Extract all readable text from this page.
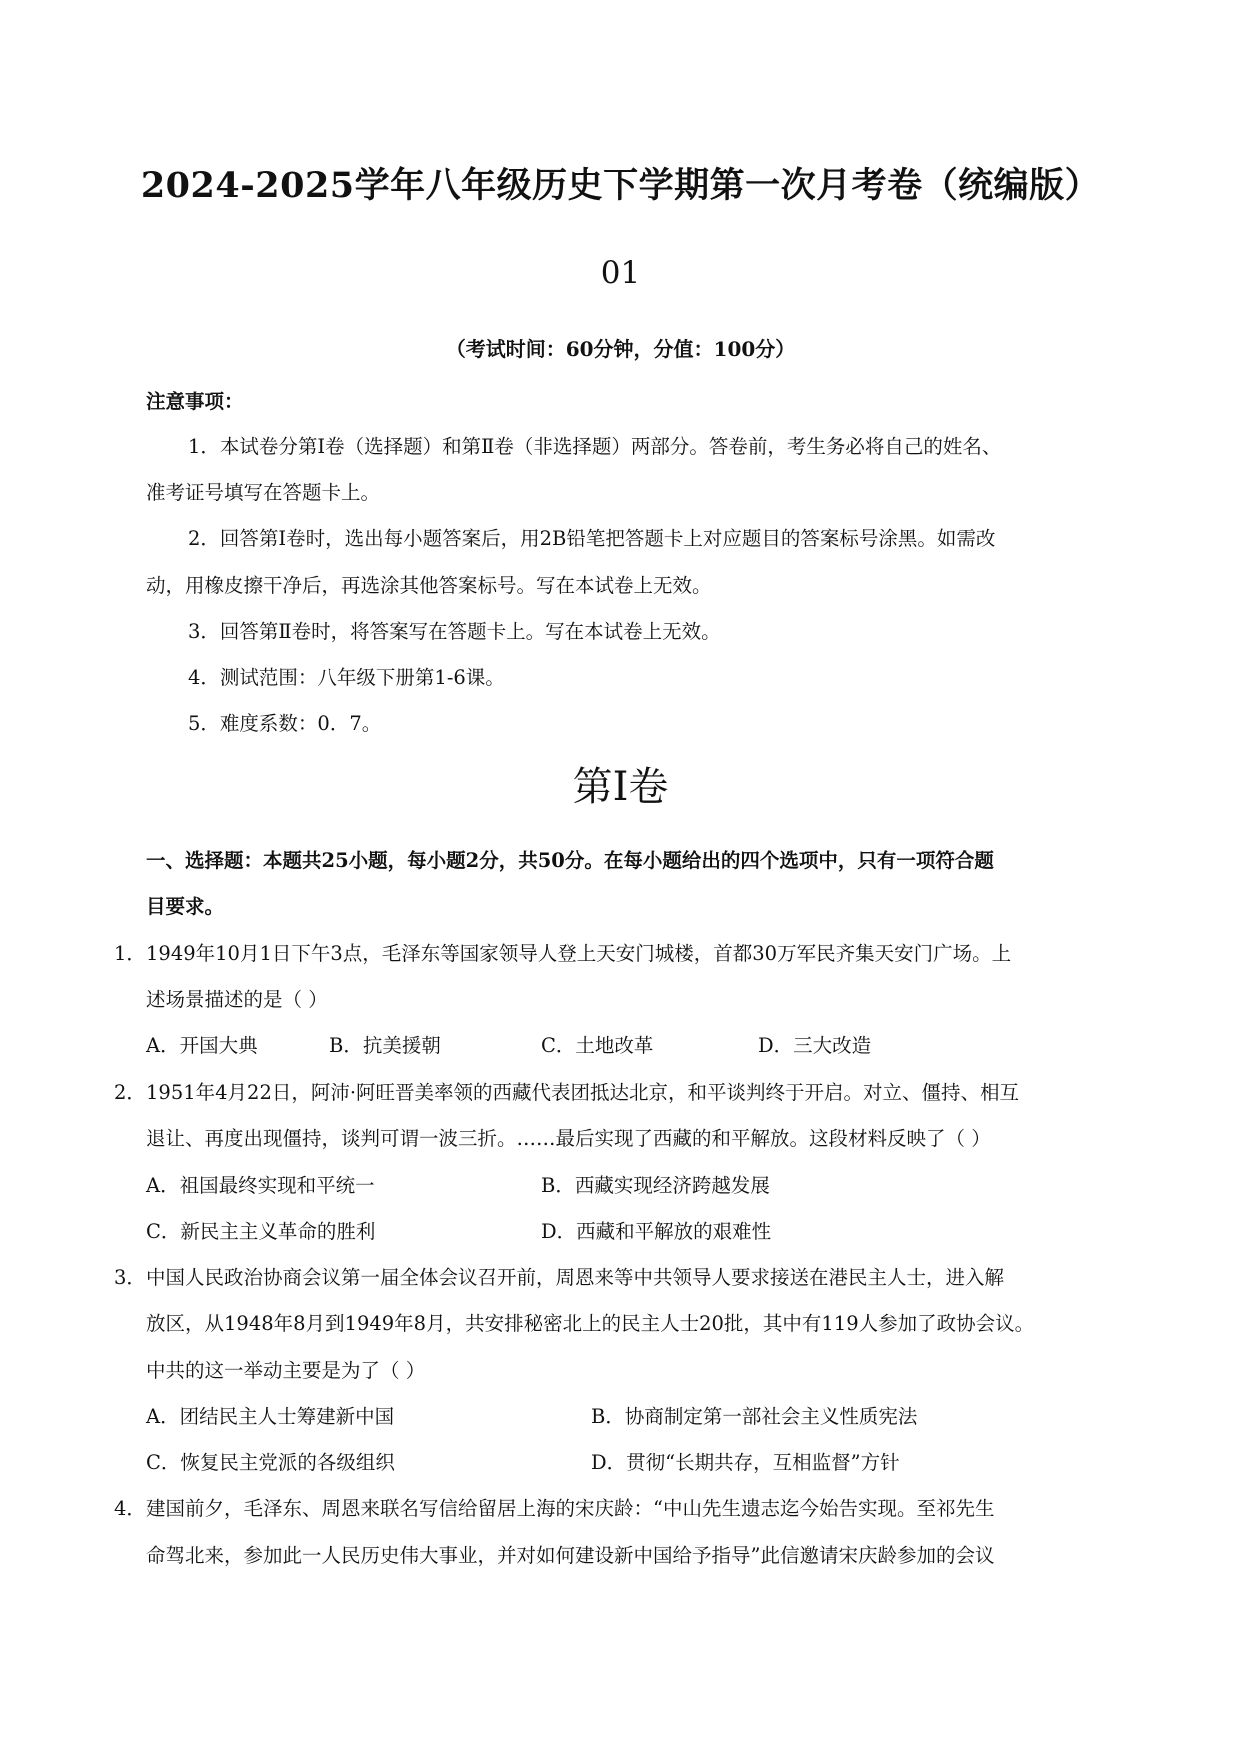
2024-2025学年八年级历史下学期第一次月考卷（统编版）
01
（考试时间：60分钟，分值：100分）
注意事项：
1．本试卷分第Ⅰ卷（选择题）和第Ⅱ卷（非选择题）两部分。答卷前，考生务必将自己的姓名、
准考证号填写在答题卡上。
2．回答第Ⅰ卷时，选出每小题答案后，用2B铅笔把答题卡上对应题目的答案标号涂黑。如需改
动，用橡皮擦干净后，再选涂其他答案标号。写在本试卷上无效。
3．回答第Ⅱ卷时，将答案写在答题卡上。写在本试卷上无效。
4．测试范围：八年级下册第1-6课。
5．难度系数：0．7。
第Ⅰ卷
一、选择题：本题共25小题，每小题2分，共50分。在每小题给出的四个选项中，只有一项符合题
目要求。
1． 1949年10月1日下午3点，毛泽东等国家领导人登上天安门城楼，首都30万军民齐集天安门广场。上
述场景描述的是（ ）
A．开国大典	B．抗美援朝	C．土地改革	D．三大改造
2． 1951年4月22日，阿沛·阿旺晋美率领的西藏代表团抵达北京，和平谈判终于开启。对立、僵持、相互
退让、再度出现僵持，谈判可谓一波三折。……最后实现了西藏的和平解放。这段材料反映了（ ）
A．祖国最终实现和平统一	B．西藏实现经济跨越发展
C．新民主主义革命的胜利	D．西藏和平解放的艰难性
3． 中国人民政治协商会议第一届全体会议召开前，周恩来等中共领导人要求接送在港民主人士，进入解
放区，从1948年8月到1949年8月，共安排秘密北上的民主人士20批，其中有119人参加了政协会议。
中共的这一举动主要是为了（ ）
A．团结民主人士筹建新中国	B．协商制定第一部社会主义性质宪法
C．恢复民主党派的各级组织	D．贯彻“长期共存，互相监督”方针
4． 建国前夕，毛泽东、周恩来联名写信给留居上海的宋庆龄：“中山先生遗志迄今始告实现。至祁先生
命驾北来，参加此一人民历史伟大事业，并对如何建设新中国给予指导”此信邀请宋庆龄参加的会议
